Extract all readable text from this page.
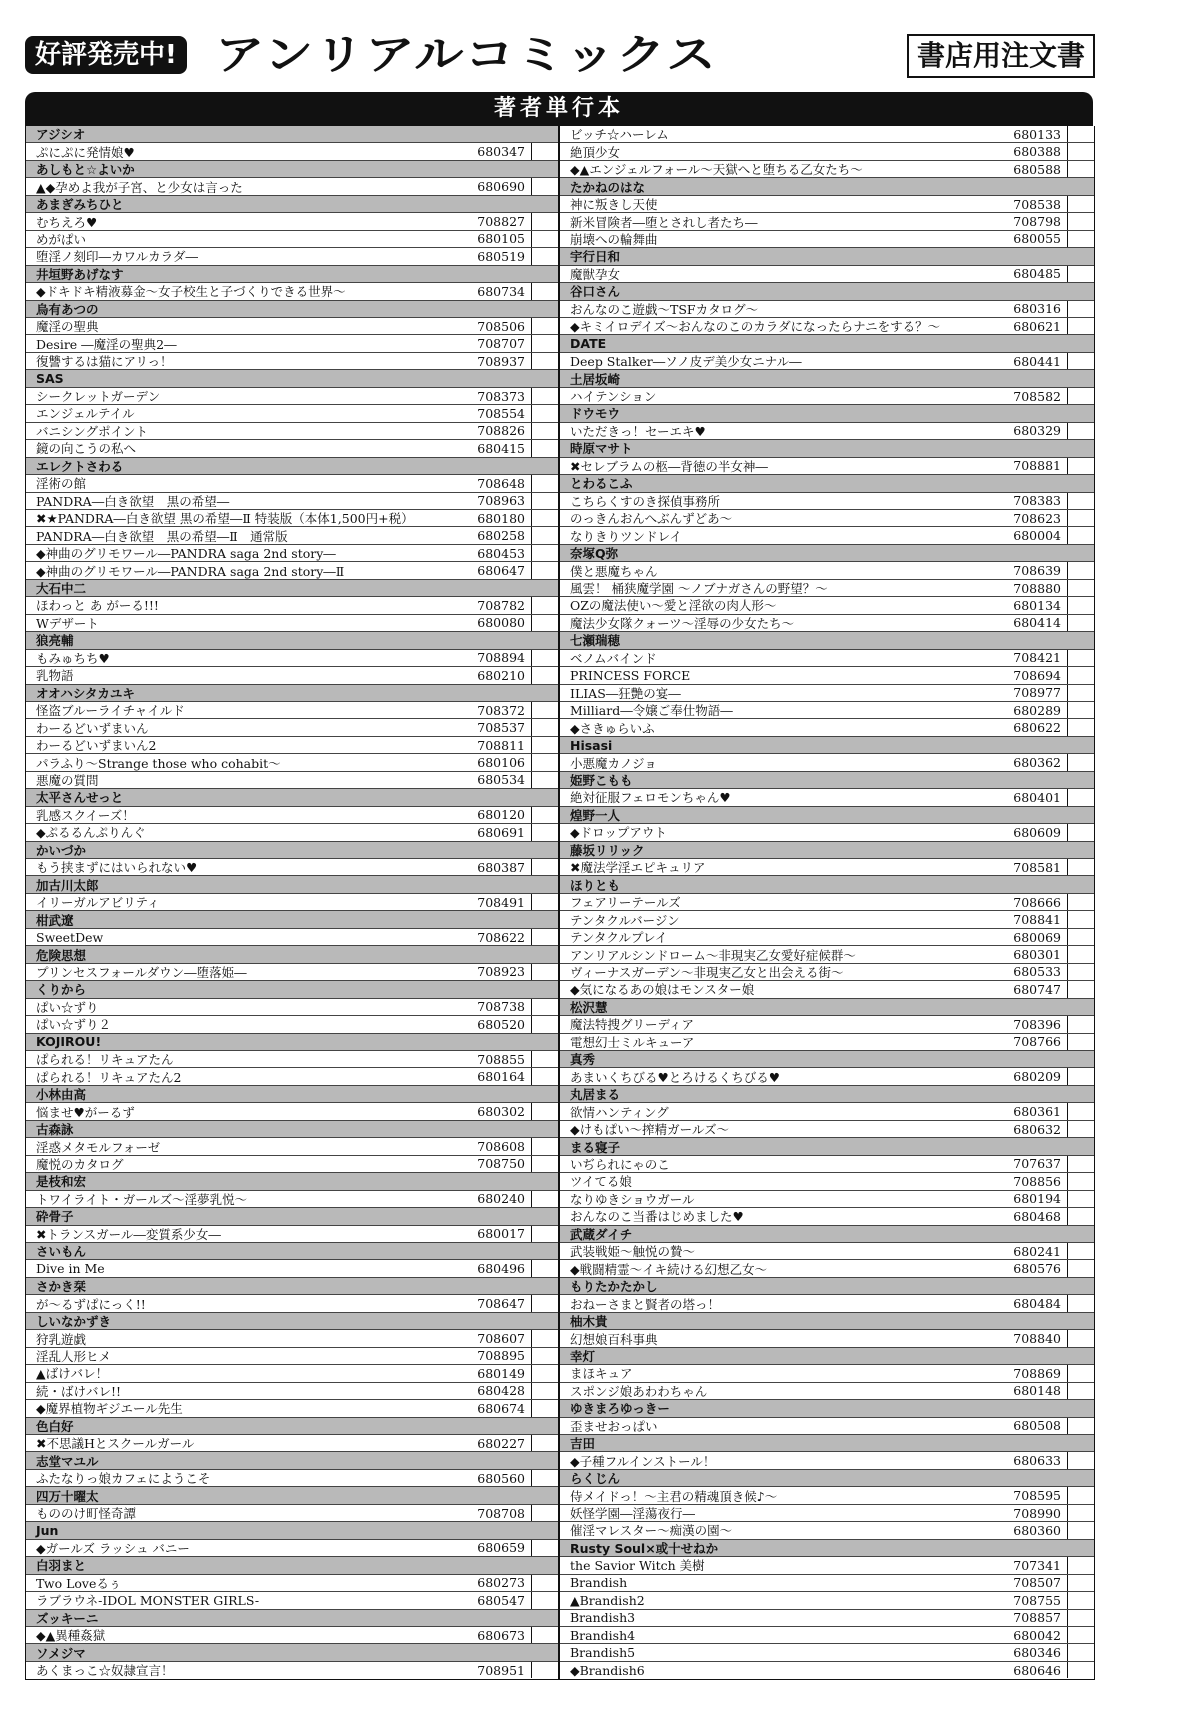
好評発売中! アンリアルコミックス	書店用注文書
著者単行本
アジシオ
ぷにぷに発情娘♥	680347
あしもと☆よいか
▲◆孕めよ我が子宮、と少女は言った	680690
あまぎみちひと
むちえろ♥	708827
めがぱい	680105
堕淫ノ刻印―カワルカラダ―	680519
井垣野あげなす
◆ドキドキ精液募金～女子校生と子づくりできる世界～	680734
烏有あつの
魔淫の聖典	708506
Desire ―魔淫の聖典2―	708707
復讐するは猫にアリっ！	708937
SAS
シークレットガーデン	708373
エンジェルテイル	708554
バニシングポイント	708826
鏡の向こうの私へ	680415
エレクトさわる
淫術の館	708648
PANDRA―白き欲望　黒の希望―	708963
✖★PANDRA―白き欲望 黒の希望―Ⅱ 特装版（本体1,500円+税）	680180
PANDRA―白き欲望　黒の希望―Ⅱ　通常版	680258
◆神曲のグリモワール―PANDRA saga 2nd story―	680453
◆神曲のグリモワール―PANDRA saga 2nd story―Ⅱ	680647
大石中二
ほわっと あ がーる!!!	708782
Wデザート	680080
狼亮輔
もみゅちち♥	708894
乳物語	680210
オオハシタカユキ
怪盗ブルーライチャイルド	708372
わーるどいずまいん	708537
わーるどいずまいん2	708811
パラふり～Strange those who cohabit～	680106
悪魔の質問	680534
太平さんせっと
乳感スクイーズ！	680120
◆ぷるるんぷりんぐ	680691
かいづか
もう挟まずにはいられない♥	680387
加古川太郎
イリーガルアビリティ	708491
柑武遼
SweetDew	708622
危険思想
プリンセスフォールダウン―堕落姫―	708923
くりから
ぱい☆ずり	708738
ぱい☆ずり２	680520
KOJIROU!
ぱられる！リキュアたん	708855
ぱられる！リキュアたん2	680164
小林由高
悩ませ♥がーるず	680302
古森詠
淫惑メタモルフォーゼ	708608
魔悦のカタログ	708750
是枝和宏
トワイライト・ガールズ～淫夢乳悦～	680240
砕骨子
✖トランスガール―変質系少女―	680017
さいもん
Dive in Me	680496
さかき栞
が～るずぱにっく!!	708647
しいなかずき
狩乳遊戯	708607
淫乱人形ヒメ	708895
▲ばけバレ！	680149
続・ばけバレ!!	680428
◆魔界植物ギジエール先生	680674
色白好
✖不思議Hとスクールガール	680227
志堂マユル
ふたなりっ娘カフェにようこそ	680560
四万十曜太
もののけ町怪奇譚	708708
Jun
◆ガールズ ラッシュ バニー	680659
白羽まと
Two Loveるぅ	680273
ラブラウネ-IDOL MONSTER GIRLS-	680547
ズッキーニ
◆▲異種姦獄	680673
ソメジマ
あくまっこ☆奴隷宣言！	708951
ビッチ☆ハーレム	680133
絶頂少女	680388
◆▲エンジェルフォール～天獄へと堕ちる乙女たち～	680588
たかねのはな
神に叛きし天使	708538
新米冒険者―堕とされし者たち―	708798
崩壊への輪舞曲	680055
宇行日和
魔獣孕女	680485
谷口さん
おんなのこ遊戯～TSFカタログ～	680316
◆キミイロデイズ～おんなのこのカラダになったらナニをする？～	680621
DATE
Deep Stalker―ソノ皮デ美少女ニナル―	680441
土居坂崎
ハイテンション	708582
ドウモウ
いただきっ！セーエキ♥	680329
時原マサト
✖セレブラムの柩―背徳の半女神―	708881
とわるこふ
こちらくすのき探偵事務所	708383
のっきんおんへぶんずどあ～	708623
なりきりツンドレイ	680004
奈塚Q弥
僕と悪魔ちゃん	708639
風雲！ 桶狭魔学園 ～ノブナガさんの野望？～	708880
OZの魔法使い～愛と淫欲の肉人形～	680134
魔法少女隊クォーツ～淫辱の少女たち～	680414
七瀬瑞穂
ベノムバインド	708421
PRINCESS FORCE	708694
ILIAS―狂艶の宴―	708977
Milliard―令嬢ご奉仕物語―	680289
◆さきゅらいふ	680622
Hisasi
小悪魔カノジョ	680362
姫野こもも
絶対征服フェロモンちゃん♥	680401
煌野一人
◆ドロップアウト	680609
藤坂リリック
✖魔法学淫エピキュリア	708581
ほりとも
フェアリーテールズ	708666
テンタクルバージン	708841
テンタクルプレイ	680069
アンリアルシンドローム～非現実乙女愛好症候群～	680301
ヴィーナスガーデン～非現実乙女と出会える街～	680533
◆気になるあの娘はモンスター娘	680747
松沢慧
魔法特捜グリーディア	708396
電想幻士ミルキューア	708766
真秀
あまいくちびる♥とろけるくちびる♥	680209
丸居まる
欲情ハンティング	680361
◆けもぱい～搾精ガールズ～	680632
まる寝子
いぢられにゃのこ	707637
ツイてる娘	708856
なりゆきショウガール	680194
おんなのこ当番はじめました♥	680468
武蔵ダイチ
武装戦姫～触悦の贄～	680241
◆戦闘精霊～イキ続ける幻想乙女～	680576
もりたかたかし
おねーさまと賢者の塔っ！	680484
柚木貴
幻想娘百科事典	708840
幸灯
まほキュア	708869
スポンジ娘あわわちゃん	680148
ゆきまろゆっきー
歪ませおっぱい	680508
吉田
◆子種フルインストール！	680633
らくじん
侍メイドっ！～主君の精魂頂き候♪～	708595
妖怪学園―淫蕩夜行―	708990
催淫マレスター～痴漢の園～	680360
Rusty Soul×或十せねか
the Savior Witch 美樹	707341
Brandish	708507
▲Brandish2	708755
Brandish3	708857
Brandish4	680042
Brandish5	680346
◆Brandish6	680646
